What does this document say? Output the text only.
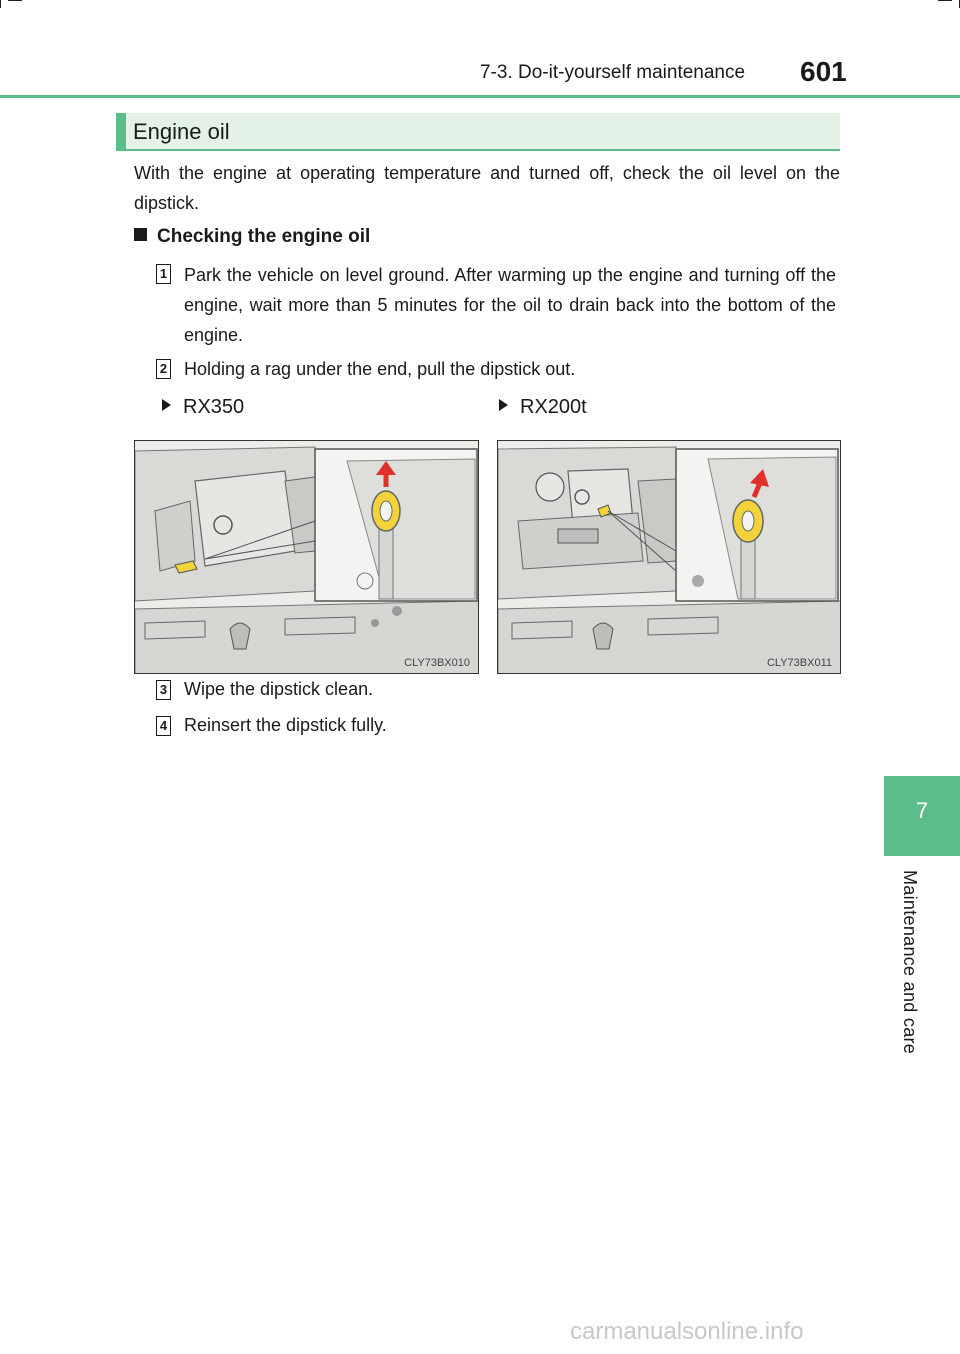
7-3. Do-it-yourself maintenance 601
Engine oil
With the engine at operating temperature and turned off, check the oil level on the dipstick.
Checking the engine oil
1 Park the vehicle on level ground. After warming up the engine and turning off the engine, wait more than 5 minutes for the oil to drain back into the bottom of the engine.
2 Holding a rag under the end, pull the dipstick out.
RX350	RX200t
CLY73BX010	CLY73BX011
3 Wipe the dipstick clean.
4 Reinsert the dipstick fully.
7
Maintenance and care
carmanualsonline.info
